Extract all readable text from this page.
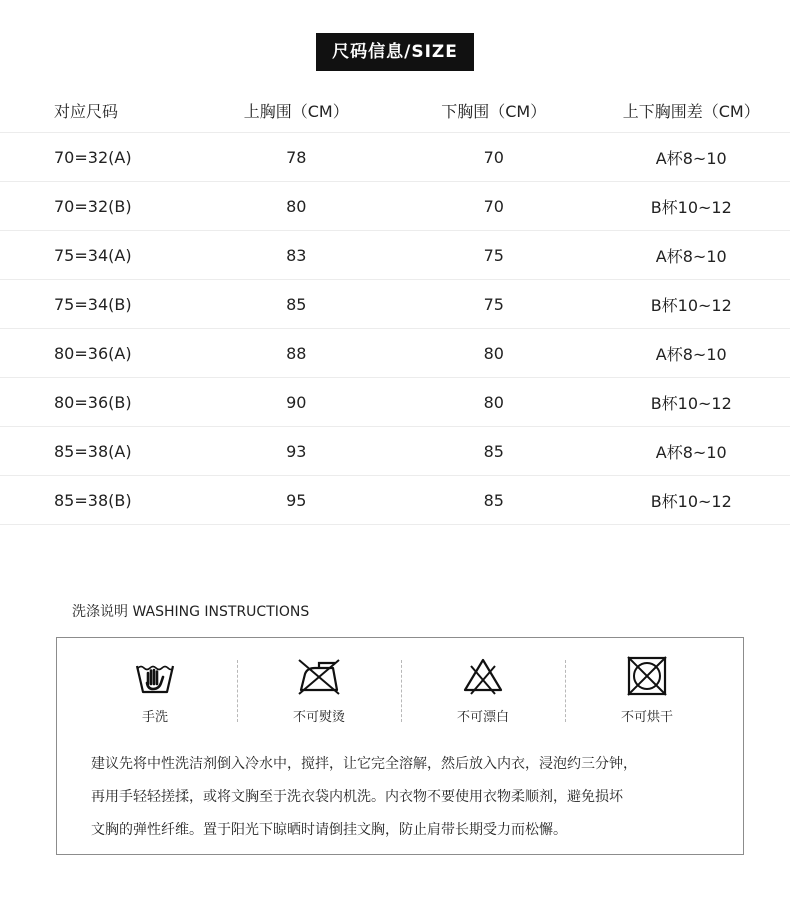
尺码信息/SIZE
对应尺码	上胸围（CM）	下胸围（CM）	上下胸围差（CM）
70=32(A)	78	70	A杯8~10
70=32(B)	80	70	B杯10~12
75=34(A)	83	75	A杯8~10
75=34(B)	85	75	B杯10~12
80=36(A)	88	80	A杯8~10
80=36(B)	90	80	B杯10~12
85=38(A)	93	85	A杯8~10
85=38(B)	95	85	B杯10~12
洗涤说明 WASHING INSTRUCTIONS
手洗	不可熨烫	不可漂白	不可烘干

建议先将中性洗洁剂倒入冷水中，搅拌，让它完全溶解，然后放入内衣，浸泡约三分钟，

再用手轻轻搓揉，或将文胸至于洗衣袋内机洗。内衣物不要使用衣物柔顺剂，避免损坏

文胸的弹性纤维。置于阳光下晾晒时请倒挂文胸，防止肩带长期受力而松懈。
